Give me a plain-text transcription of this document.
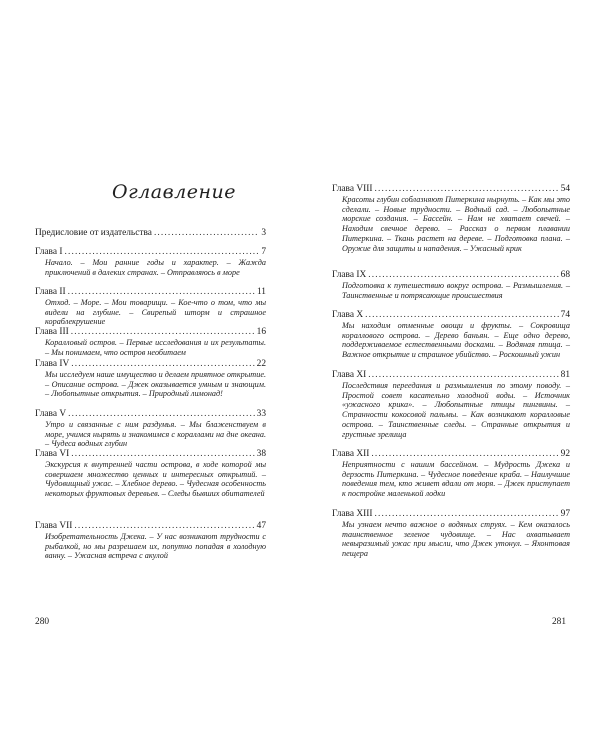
Оглавление
Предисловие от издательства . . .	3
Глава I . . .	7
Начало. – Мои ранние годы и характер. – Жажда приключений в далеких странах. – Отправляюсь в море
Глава II . . .	11
Отход. – Море. – Мои товарищи. – Кое-что о том, что мы видели на глубине. – Свирепый шторм и страшное кораблекрушение
Глава III . . .	16
Коралловый остров. – Первые исследования и их результаты. – Мы понимаем, что остров необитаем
Глава IV . . .	22
Мы исследуем наше имущество и делаем приятное открытие. – Описание острова. – Джек оказывается умным и знающим. – Любопытные открытия. – Природный лимонад!
Глава V . . .	33
Утро и связанные с ним раздумья. – Мы блаженствуем в море, учимся нырять и знакомимся с кораллами на дне океана. – Чудеса водных глубин
Глава VI . . .	38
Экскурсия к внутренней части острова, в ходе которой мы совершаем множество ценных и интересных открытий. – Чудовищный ужас. – Хлебное дерево. – Чудесная особенность некоторых фруктовых деревьев. – Следы бывших обитателей
Глава VII . . .	47
Изобретательность Джека. – У нас возникают трудности с рыбалкой, но мы разрешаем их, попутно попадая в холодную ванну. – Ужасная встреча с акулой
280
Глава VIII . . .	54
Красоты глубин соблазняют Питеркина нырнуть. – Как мы это сделали. – Новые трудности. – Водный сад. – Любопытные морские создания. – Бассейн. – Нам не хватает свечей. – Находим свечное дерево. – Рассказ о первом плавании Питеркина. – Ткань растет на дереве. – Подготовка плана. – Оружие для защиты и нападения. – Ужасный крик
Глава IX . . .	68
Подготовка к путешествию вокруг острова. – Размышления. – Таинственные и потрясающие происшествия
Глава X . . .	74
Мы находим отменные овощи и фрукты. – Сокровища кораллового острова. – Дерево баньян. – Еще одно дерево, поддерживаемое естественными досками. – Водяная птица. – Важное открытие и страшное убийство. – Роскошный ужин
Глава XI . . .	81
Последствия переедания и размышления по этому поводу. – Простой совет касательно холодной воды. – Источник «ужасного крика». – Любопытные птицы пингвины. – Странности кокосовой пальмы. – Как возникают коралловые острова. – Таинственные следы. – Странные открытия и грустные зрелища
Глава XII . . .	92
Неприятности с нашим бассейном. – Мудрость Джека и дерзость Питеркина. – Чудесное поведение краба. – Наилучшие поведения тем, кто живет вдали от моря. – Джек приступает к постройке маленькой лодки
Глава XIII . . .	97
Мы узнаем нечто важное о водяных струях. – Кем оказалось таинственное зеленое чудовище. – Нас охватывает невыразимый ужас при мысли, что Джек утонул. – Яхонтовая пещера
281
